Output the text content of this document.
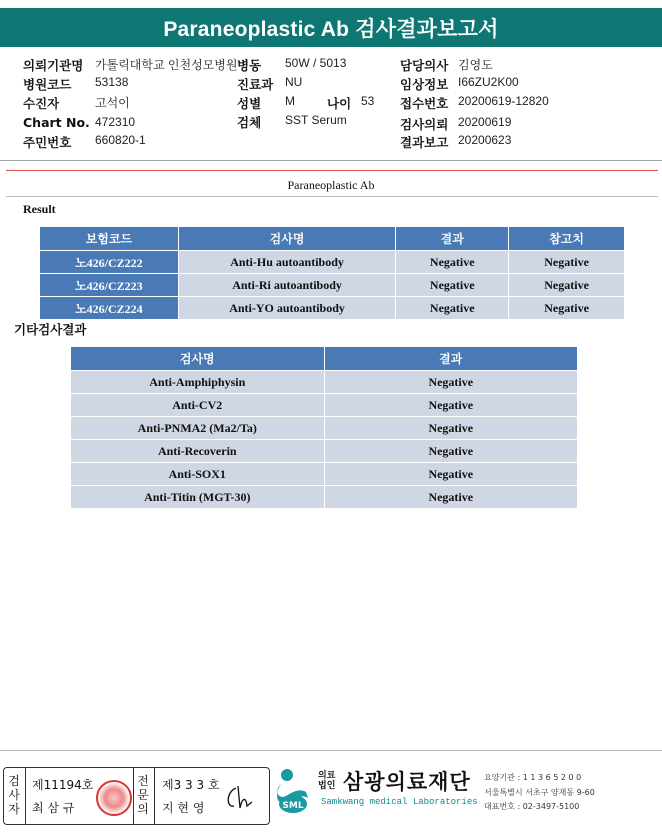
Paraneoplastic Ab 검사결과보고서
의뢰기관명 가톨릭대학교 인천성모병원
병원코드 53138
수진자	고석이
Chart No. 472310
주민번호 660820-1
병동 50W / 5013
진료과 NU
성별 M	나이 53
검체 SST Serum
담당의사 김영도
임상정보 I66ZU2K00
접수번호 20200619-12820
검사의뢰 20200619
결과보고 20200623
Paraneoplastic Ab
Result
보험코드	검사명	결과	참고치
노426/CZ222	Anti-Hu autoantibody	Negative	Negative
노426/CZ223	Anti-Ri autoantibody	Negative	Negative
노426/CZ224	Anti-YO autoantibody	Negative	Negative
기타검사결과
검사명	결과
Anti-Amphiphysin	Negative
Anti-CV2	Negative
Anti-PNMA2 (Ma2/Ta)	Negative
Anti-Recoverin	Negative
Anti-SOX1	Negative
Anti-Titin (MGT-30)	Negative
검
사
자
제11194호
최 삼 규
전
문
의
제3 3 3 호
지 현 영	SML
의료
법인 삼광의료재단
Samkwang medical Laboratories
요양기관 : 1 1 3 6 5 2 0 0
서울특별시 서초구 양재동 9-60
대표번호 : 02-3497-5100
